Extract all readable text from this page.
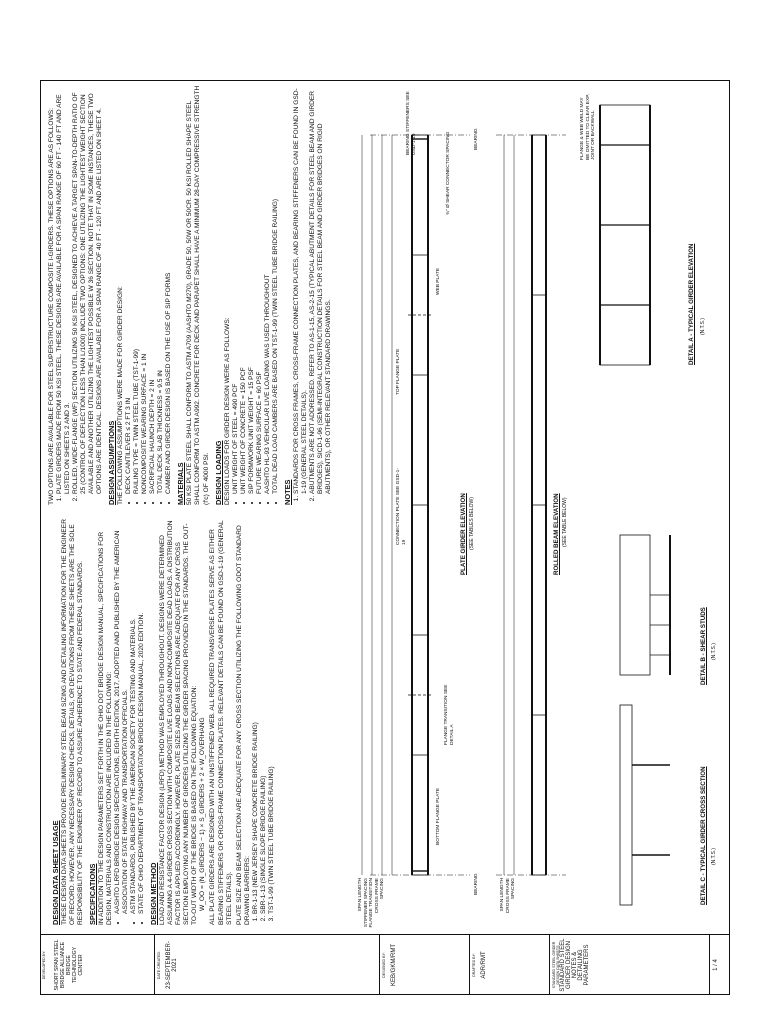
DEVELOPED BY: SHORT SPAN STEEL BRIDGE ALLIANCE BRIDGE TECHNOLOGY CENTER	DATE CREATED: 23-SEPTEMBER-2021	DESIGNED BY: KEB/GKM/RMT	DRAFTED BY: ADR/RMT	STANDARD STEEL GIRDER DESIGN DATA SHEETS STANDARD STEEL GIRDER DESIGN NOTES & DETAILING PARAMETERS	1 / 4
DESIGN DATA SHEET USAGE THESE DESIGN DATA SHEETS PROVIDE PRELIMINARY STEEL BEAM SIZING AND DETAILING INFORMATION FOR THE ENGINEER OF RECORD. HOWEVER, ANY NECESSARY DESIGN CHECKS, DETAILS, OR DEVIATIONS FROM THESE SHEETS ARE THE SOLE RESPONSIBILITY OF THE ENGINEER OF RECORD TO ASSURE ADHERENCE TO STATE AND FEDERAL STANDARDS. SPECIFICATIONS IN ADDITION TO THE DESIGN PARAMETERS SET FORTH IN THE OHIO DOT BRIDGE DESIGN MANUAL, SPECIFICATIONS FOR DESIGN, MATERIALS AND CONSTRUCTION ARE INCLUDED IN THE FOLLOWING: • AASHTO LRFD BRIDGE DESIGN SPECIFICATIONS, EIGHTH EDITION, 2017, ADOPTED AND PUBLISHED BY THE AMERICAN ASSOCIATION OF STATE HIGHWAY AND TRANSPORTATION OFFICIALS. • ASTM STANDARDS, PUBLISHED BY THE AMERICAN SOCIETY FOR TESTING AND MATERIALS. • STATE OF OHIO DEPARTMENT OF TRANSPORTATION BRIDGE DESIGN MANUAL, 2020 EDITION. DESIGN METHOD LOAD AND RESISTANCE FACTOR DESIGN (LRFD) METHOD WAS EMPLOYED THROUGHOUT. DESIGNS WERE DETERMINED ASSUMING A 4-GIRDER CROSS SECTION WITH COMPOSITE LIVE LOADS AND NON-COMPOSITE DEAD LOADS. A DISTRIBUTION FACTOR IS APPLIED ACCORDINGLY. HOWEVER, PLATE SIZES AND BEAM SELECTIONS ARE ADEQUATE FOR ANY CROSS SECTION EMPLOYING ANY NUMBER OF GIRDERS UTILIZING THE GIRDER SPACING PROVIDED IN THE STANDARDS. THE OUT-TO-OUT WIDTH OF THE BRIDGE IS BASED ON THE FOLLOWING EQUATION: W_OO = (N_GIRDERS − 1) × S_GIRDERS + 2 × W_OVERHANG ALL PLATE GIRDERS ARE DESIGNED WITH AN UNSTIFFENED WEB. ALL REQUIRED TRANSVERSE PLATES SERVE AS EITHER BEARING STIFFENERS OR CROSS-FRAME CONNECTION PLATES. RELEVANT DETAILS CAN BE FOUND ON GSD-1-19 (GENERAL STEEL DETAILS). PLATE SIZE AND BEAM SELECTION ARE ADEQUATE FOR ANY CROSS SECTION UTILIZING THE FOLLOWING ODOT STANDARD DRAWING BARRIERS: 1. BR-1-13 (NEW JERSEY SHAPE CONCRETE BRIDGE RAILING) 2. SBR-1-13 (SINGLE SLOPE BRIDGE RAILING) 3. TST-1-99 (TWIN STEEL TUBE BRIDGE RAILING)
TWO OPTIONS ARE AVAILABLE FOR STEEL SUPERSTRUCTURE COMPOSITE I-GIRDERS. THESE OPTIONS ARE AS FOLLOWS: 1. PLATE GIRDERS MADE FROM 50 KSI STEEL. THESE DESIGNS ARE AVAILABLE FOR A SPAN RANGE OF 60 FT - 140 FT AND ARE LISTED ON SHEETS 2 AND 3. 2. ROLLED, WIDE-FLANGE (WF) SECTION UTILIZING 50 KSI STEEL, DESIGNED TO ACHIEVE A TARGET SPAN-TO-DEPTH RATIO OF 25 (CONTROL OF DEFLECTION LESS THAN L/1000) INCLUDE TWO OPTIONS: ONE UTILIZING THE LIGHTEST WEIGHT SECTION AVAILABLE AND ANOTHER UTILIZING THE LIGHTEST POSSIBLE W 36 SECTION. NOTE THAT IN SOME INSTANCES, THESE TWO OPTIONS ARE IDENTICAL. DESIGNS ARE AVAILABLE FOR A SPAN RANGE OF 40 FT - 120 FT AND ARE LISTED ON SHEET 4. DESIGN ASSUMPTIONS THE FOLLOWING ASSUMPTIONS WERE MADE FOR GIRDER DESIGN: • DECK CANTILEVER ≤ 2 FT 3 IN • RAILING TYPE = TWIN STEEL TUBE (TST-1-99) • NONCOMPOSITE WEARING SURFACE = 1 IN • SACRIFICIAL HAUNCH DEPTH = 2 IN • TOTAL DECK SLAB THICKNESS = 9.5 IN • CAMBER AND GIRDER DESIGN IS BASED ON THE USE OF SIP FORMS MATERIALS 50 KSI PLATE STEEL SHALL CONFORM TO ASTM A709 (AASHTO M270), GRADE 50, 50W OR 50CR. 50 KSI ROLLED SHAPE STEEL SHALL CONFORM TO ASTM A992. CONCRETE FOR DECK AND PARAPET SHALL HAVE A MINIMUM 28-DAY COMPRESSIVE STRENGTH (f'c) OF 4000 PSI. DESIGN LOADING DESIGN LOADS FOR GIRDER DESIGN WERE AS FOLLOWS: • UNIT WEIGHT OF STEEL = 490 PCF • UNIT WEIGHT OF CONCRETE = 150 PCF • SIP FORMWORK UNIT WEIGHT = 15 PSF • FUTURE WEARING SURFACE = 60 PSF • AASHTO HL-93 VEHICULAR LIVE LOADING WAS USED THROUGHOUT • TOTAL DEAD LOAD CAMBERS ARE BASED ON TST-1-99 (TWIN STEEL TUBE BRIDGE RAILING) NOTES 1. STANDARDS FOR CROSS FRAMES, CROSS-FRAME CONNECTION PLATES, AND BEARING STIFFENERS CAN BE FOUND IN GSD-1-19 (GENERAL STEEL DETAILS). 2. ABUTMENTS ARE NOT ADDRESSED. REFER TO AS-1-15, AS-2-15 (TYPICAL ABUTMENT DETAILS FOR STEEL BEAM AND GIRDER BRIDGES), SICD-1-96 (SEMI-INTEGRAL CONSTRUCTION DETAILS FOR STEEL BEAM AND GIRDER BRIDGES ON RIGID ABUTMENTS), OR OTHER RELEVANT STANDARD DRAWINGS.
SPAN LENGTH STIFFENER SPACING FLANGE TRANSITION CROSS FRAME SPACING	BEARING
BEARING
TOP FLANGE PLATE
BOTTOM FLANGE PLATE
WEB PLATE
CONNECTION PLATE SEE GSD-1-19
¾" Ø SHEAR CONNECTOR SPACING
FLANGE TRANSITION SEE DETAIL A
BEARING STIFFENERS SEE GSD-1-19
PLATE GIRDER ELEVATION (SEE TABLES BELOW)
SPAN LENGTH CROSS FRAME SPACING
ROLLED BEAM ELEVATION (SEE TABLE BELOW)
DETAIL A - TYPICAL GIRDER ELEVATION (N.T.S.)
FLANGE & WEB WELD MAY BE OMITTED TO CLEAR EXP. JOINT OR BACKWALL
DETAIL B - SHEAR STUDS (N.T.S.)
DETAIL C - TYPICAL GIRDER CROSS SECTION (N.T.S.)
